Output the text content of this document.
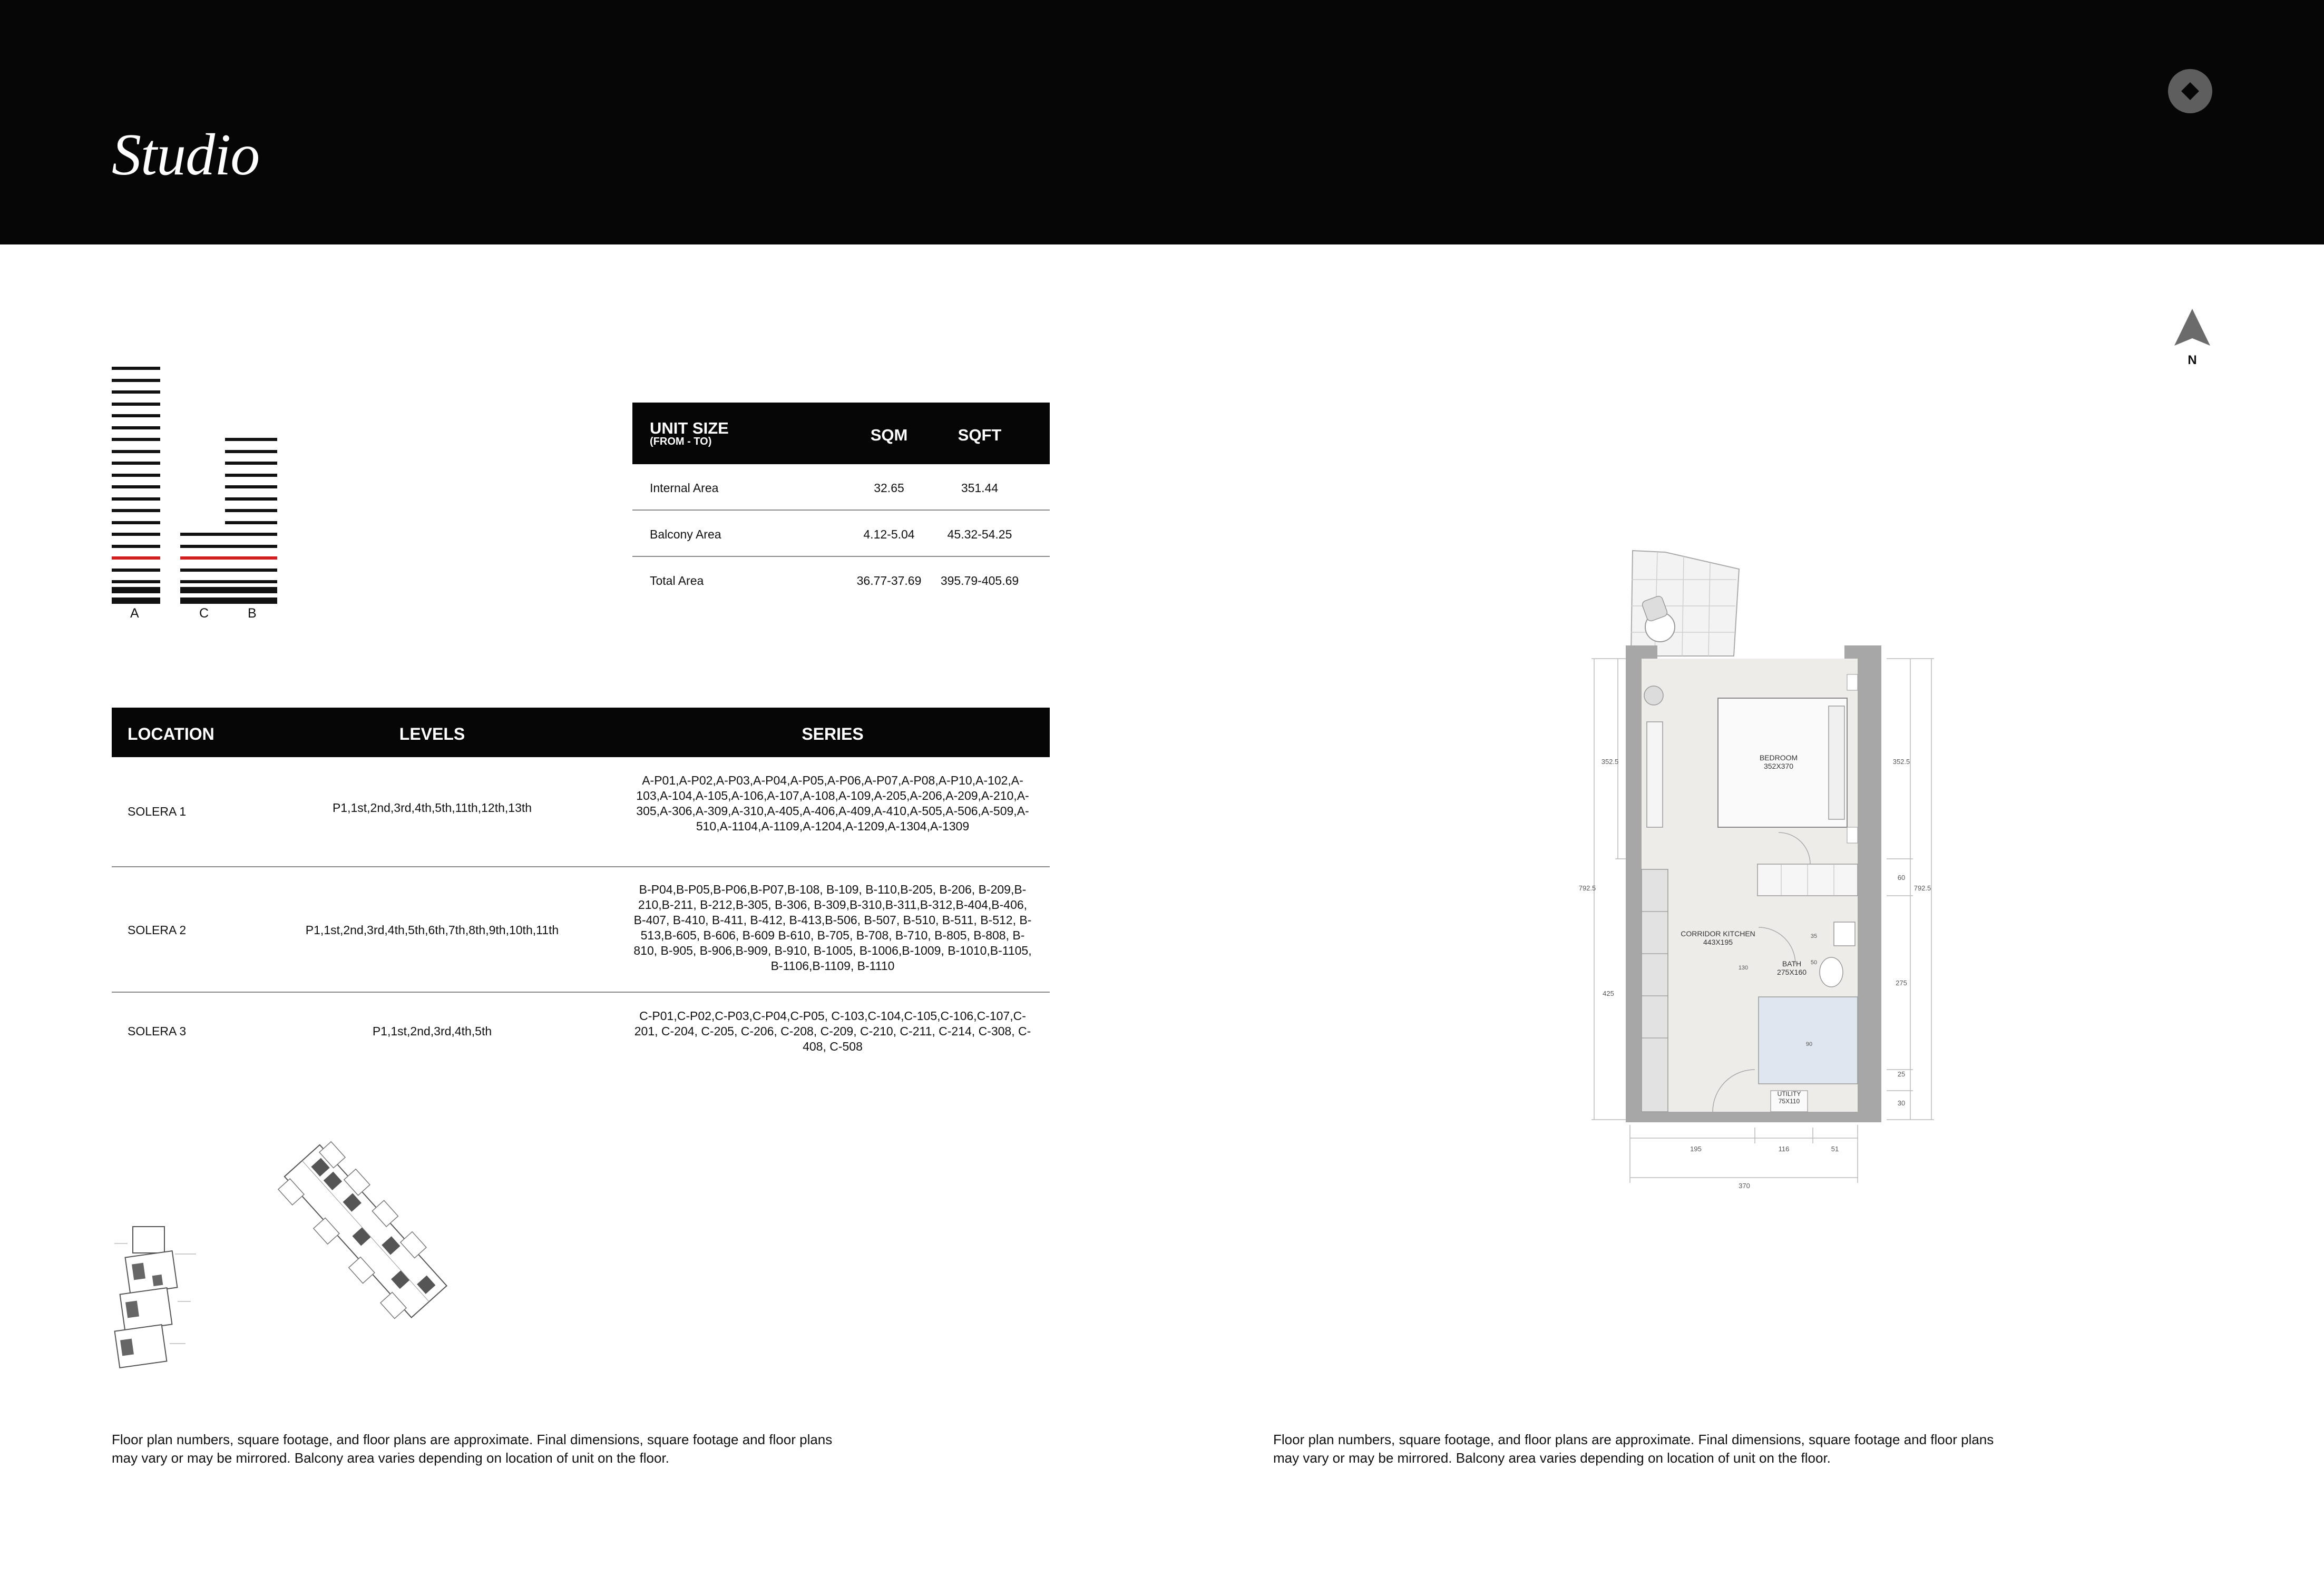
Studio
A	C	B
UNIT SIZE
(FROM - TO)	SQM	SQFT
Internal Area	32.65	351.44
Balcony Area	4.12-5.04	45.32-54.25
Total Area	36.77-37.69	395.79-405.69
LOCATION	LEVELS	SERIES
SOLERA 1	P1,1st,2nd,3rd,4th,5th,11th,12th,13th
A-P01,A-P02,A-P03,A-P04,A-P05,A-P06,A-P07,A-P08,A-P10,A-102,A-103,A-104,A-105,A-106,A-107,A-108,A-109,A-205,A-206,A-209,A-210,A-305,A-306,A-309,A-310,A-405,A-406,A-409,A-410,A-505,A-506,A-509,A-510,A-1104,A-1109,A-1204,A-1209,A-1304,A-1309
SOLERA 2	P1,1st,2nd,3rd,4th,5th,6th,7th,8th,9th,10th,11th
B-P04,B-P05,B-P06,B-P07,B-108, B-109, B-110,B-205, B-206, B-209,B-210,B-211, B-212,B-305, B-306, B-309,B-310,B-311,B-312,B-404,B-406, B-407, B-410, B-411, B-412, B-413,B-506, B-507, B-510, B-511, B-512, B-513,B-605, B-606, B-609 B-610, B-705, B-708, B-710, B-805, B-808, B-810, B-905, B-906,B-909, B-910, B-1005, B-1006,B-1009, B-1010,B-1105, B-1106,B-1109, B-1110
SOLERA 3	P1,1st,2nd,3rd,4th,5th
C-P01,C-P02,C-P03,C-P04,C-P05, C-103,C-104,C-105,C-106,C-107,C-201, C-204, C-205, C-206, C-208, C-209, C-210, C-211, C-214, C-308, C-408, C-508
Floor plan numbers, square footage, and floor plans are approximate. Final dimensions, square footage and floor plans may vary or may be mirrored. Balcony area varies depending on location of unit on the floor.
Floor plan numbers, square footage, and floor plans are approximate. Final dimensions, square footage and floor plans may vary or may be mirrored. Balcony area varies depending on location of unit on the floor.
N
BEDROOM
352X370
CORRIDOR KITCHEN
443X195
BATH
275X160
UTILITY
75X110
352.5
792.5
425
352.5
60
792.5
275
25
30
195	116	51
370
35
90
50
130
